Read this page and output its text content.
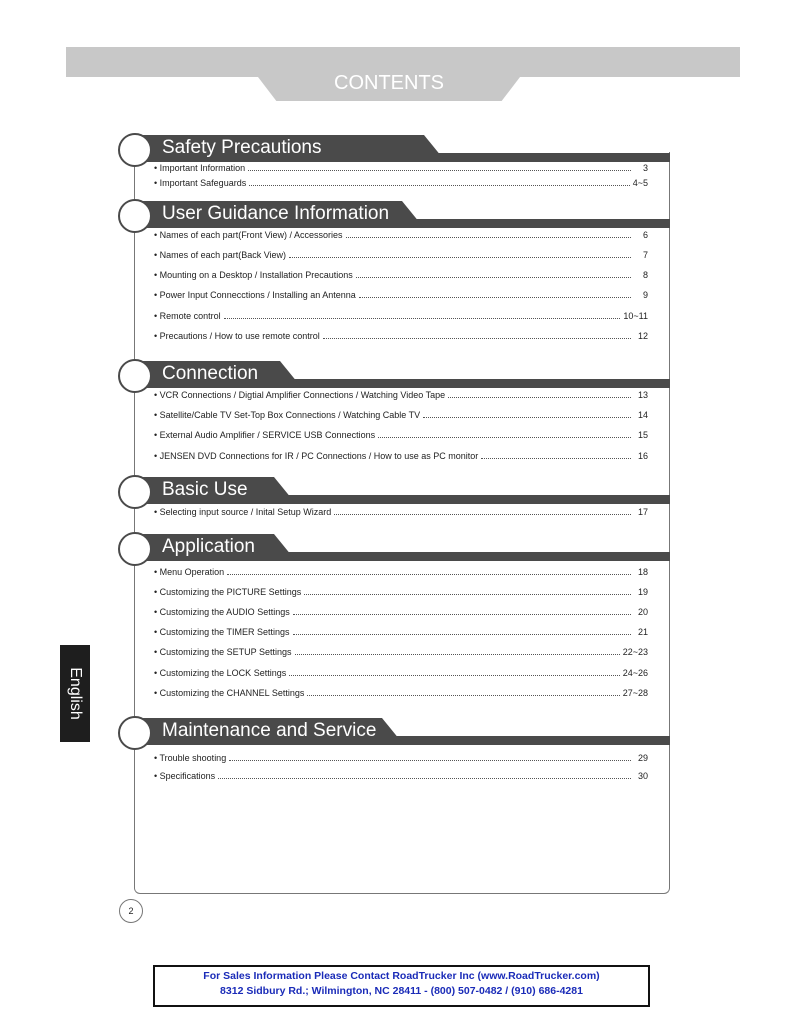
CONTENTS
English
Safety Precautions
• Important Information	3
• Important Safeguards	4~5
User Guidance Information
• Names of each part(Front View) / Accessories	6
• Names of each part(Back View)	7
• Mounting on a Desktop / Installation Precautions	8
• Power Input Connecctions / Installing an Antenna	9
• Remote control	10~11
• Precautions / How to use remote control	12
Connection
• VCR Connections / Digtial Amplifier Connections / Watching Video Tape	13
• Satellite/Cable TV Set-Top Box Connections / Watching Cable TV	14
• External Audio Amplifier / SERVICE USB Connections	15
• JENSEN DVD Connections for IR / PC Connections / How to use as PC monitor	16
Basic Use
• Selecting input source / Inital Setup Wizard	17
Application
• Menu Operation	18
• Customizing the PICTURE Settings	19
• Customizing the AUDIO Settings	20
• Customizing the TIMER Settings	21
• Customizing the SETUP Settings	22~23
• Customizing the LOCK Settings	24~26
• Customizing the CHANNEL Settings	27~28
Maintenance and Service
• Trouble shooting	29
• Specifications	30
2
For Sales Information Please Contact RoadTrucker Inc (www.RoadTrucker.com)
8312 Sidbury Rd.; Wilmington, NC 28411 - (800) 507-0482 / (910) 686-4281
